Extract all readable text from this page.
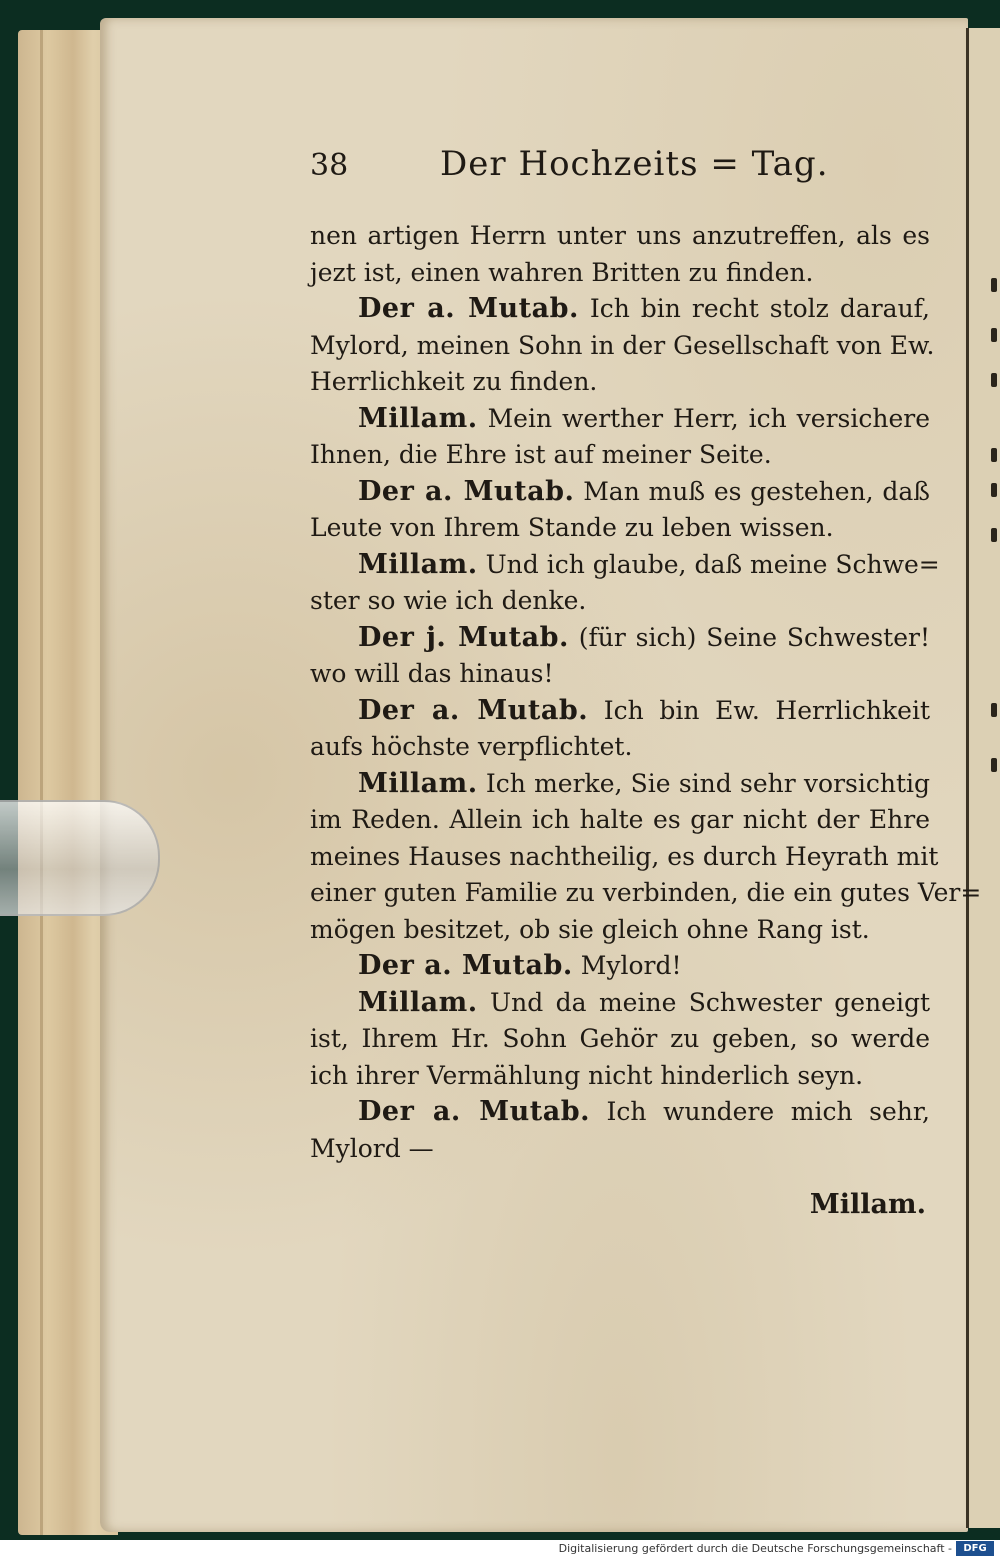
38	Der Hochzeits = Tag.
nen artigen Herrn unter uns anzutreffen, als es
jezt ist, einen wahren Britten zu finden.
Der a. Mutab. Ich bin recht stolz darauf,
Mylord, meinen Sohn in der Gesellschaft von Ew.
Herrlichkeit zu finden.
Millam. Mein werther Herr, ich versichere
Ihnen, die Ehre ist auf meiner Seite.
Der a. Mutab. Man muß es gestehen, daß
Leute von Ihrem Stande zu leben wissen.
Millam. Und ich glaube, daß meine Schwe=
ster so wie ich denke.
Der j. Mutab. (für sich) Seine Schwester!
wo will das hinaus!
Der a. Mutab. Ich bin Ew. Herrlichkeit
aufs höchste verpflichtet.
Millam. Ich merke, Sie sind sehr vorsichtig
im Reden. Allein ich halte es gar nicht der Ehre
meines Hauses nachtheilig, es durch Heyrath mit
einer guten Familie zu verbinden, die ein gutes Ver=
mögen besitzet, ob sie gleich ohne Rang ist.
Der a. Mutab. Mylord!
Millam. Und da meine Schwester geneigt
ist, Ihrem Hr. Sohn Gehör zu geben, so werde
ich ihrer Vermählung nicht hinderlich seyn.
Der a. Mutab. Ich wundere mich sehr,
Mylord —
Millam.
Digitalisierung gefördert durch die Deutsche Forschungsgemeinschaft -	DFG
